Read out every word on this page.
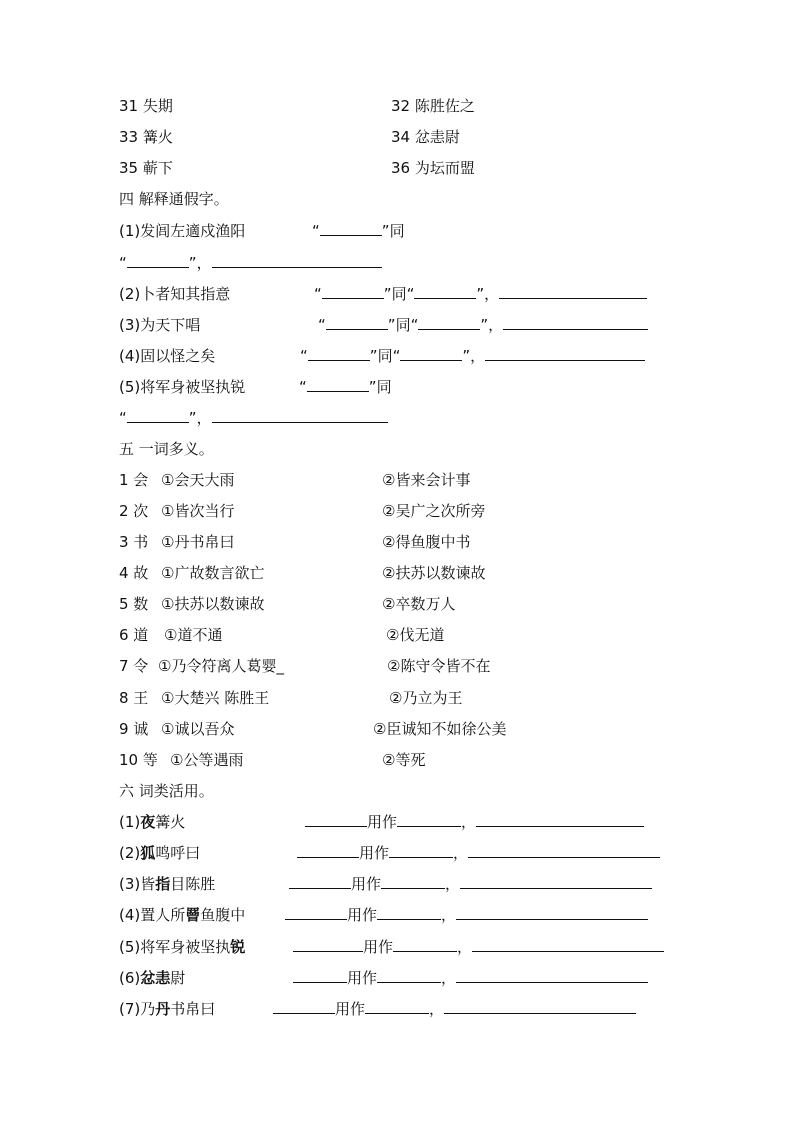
31 失期	32 陈胜佐之
33 篝火	34 忿恚尉
35 蕲下	36 为坛而盟
四 解释通假字。
(1)发闾左適戍渔阳	“	”同
“	”，
(2)卜者知其指意	“	”同“	”，
(3)为天下唱	“	”同“	”，
(4)固以怪之矣	“	”同“	”，
(5)将军身被坚执锐	“	”同
“	”，
五 一词多义。
1 会 ①会天大雨	②皆来会计事
2 次 ①皆次当行	②吴广之次所旁
3 书 ①丹书帛曰	②得鱼腹中书
4 故 ①广故数言欲亡	②扶苏以数谏故
5 数 ①扶苏以数谏故	②卒数万人
6 道 ①道不通	②伐无道
7 令 ①乃令符离人葛婴_	②陈守令皆不在
8 王 ①大楚兴 陈胜王	②乃立为王
9 诚 ①诚以吾众	②臣诚知不如徐公美
10 等 ①公等遇雨	②等死
六 词类活用。
(1)夜篝火	用作	，
(2)狐鸣呼曰	用作	，
(3)皆指目陈胜	用作	，
(4)置人所罾鱼腹中	用作	，
(5)将军身被坚执锐	用作	，
(6)忿恚尉	用作	，
(7)乃丹书帛曰	用作	，
